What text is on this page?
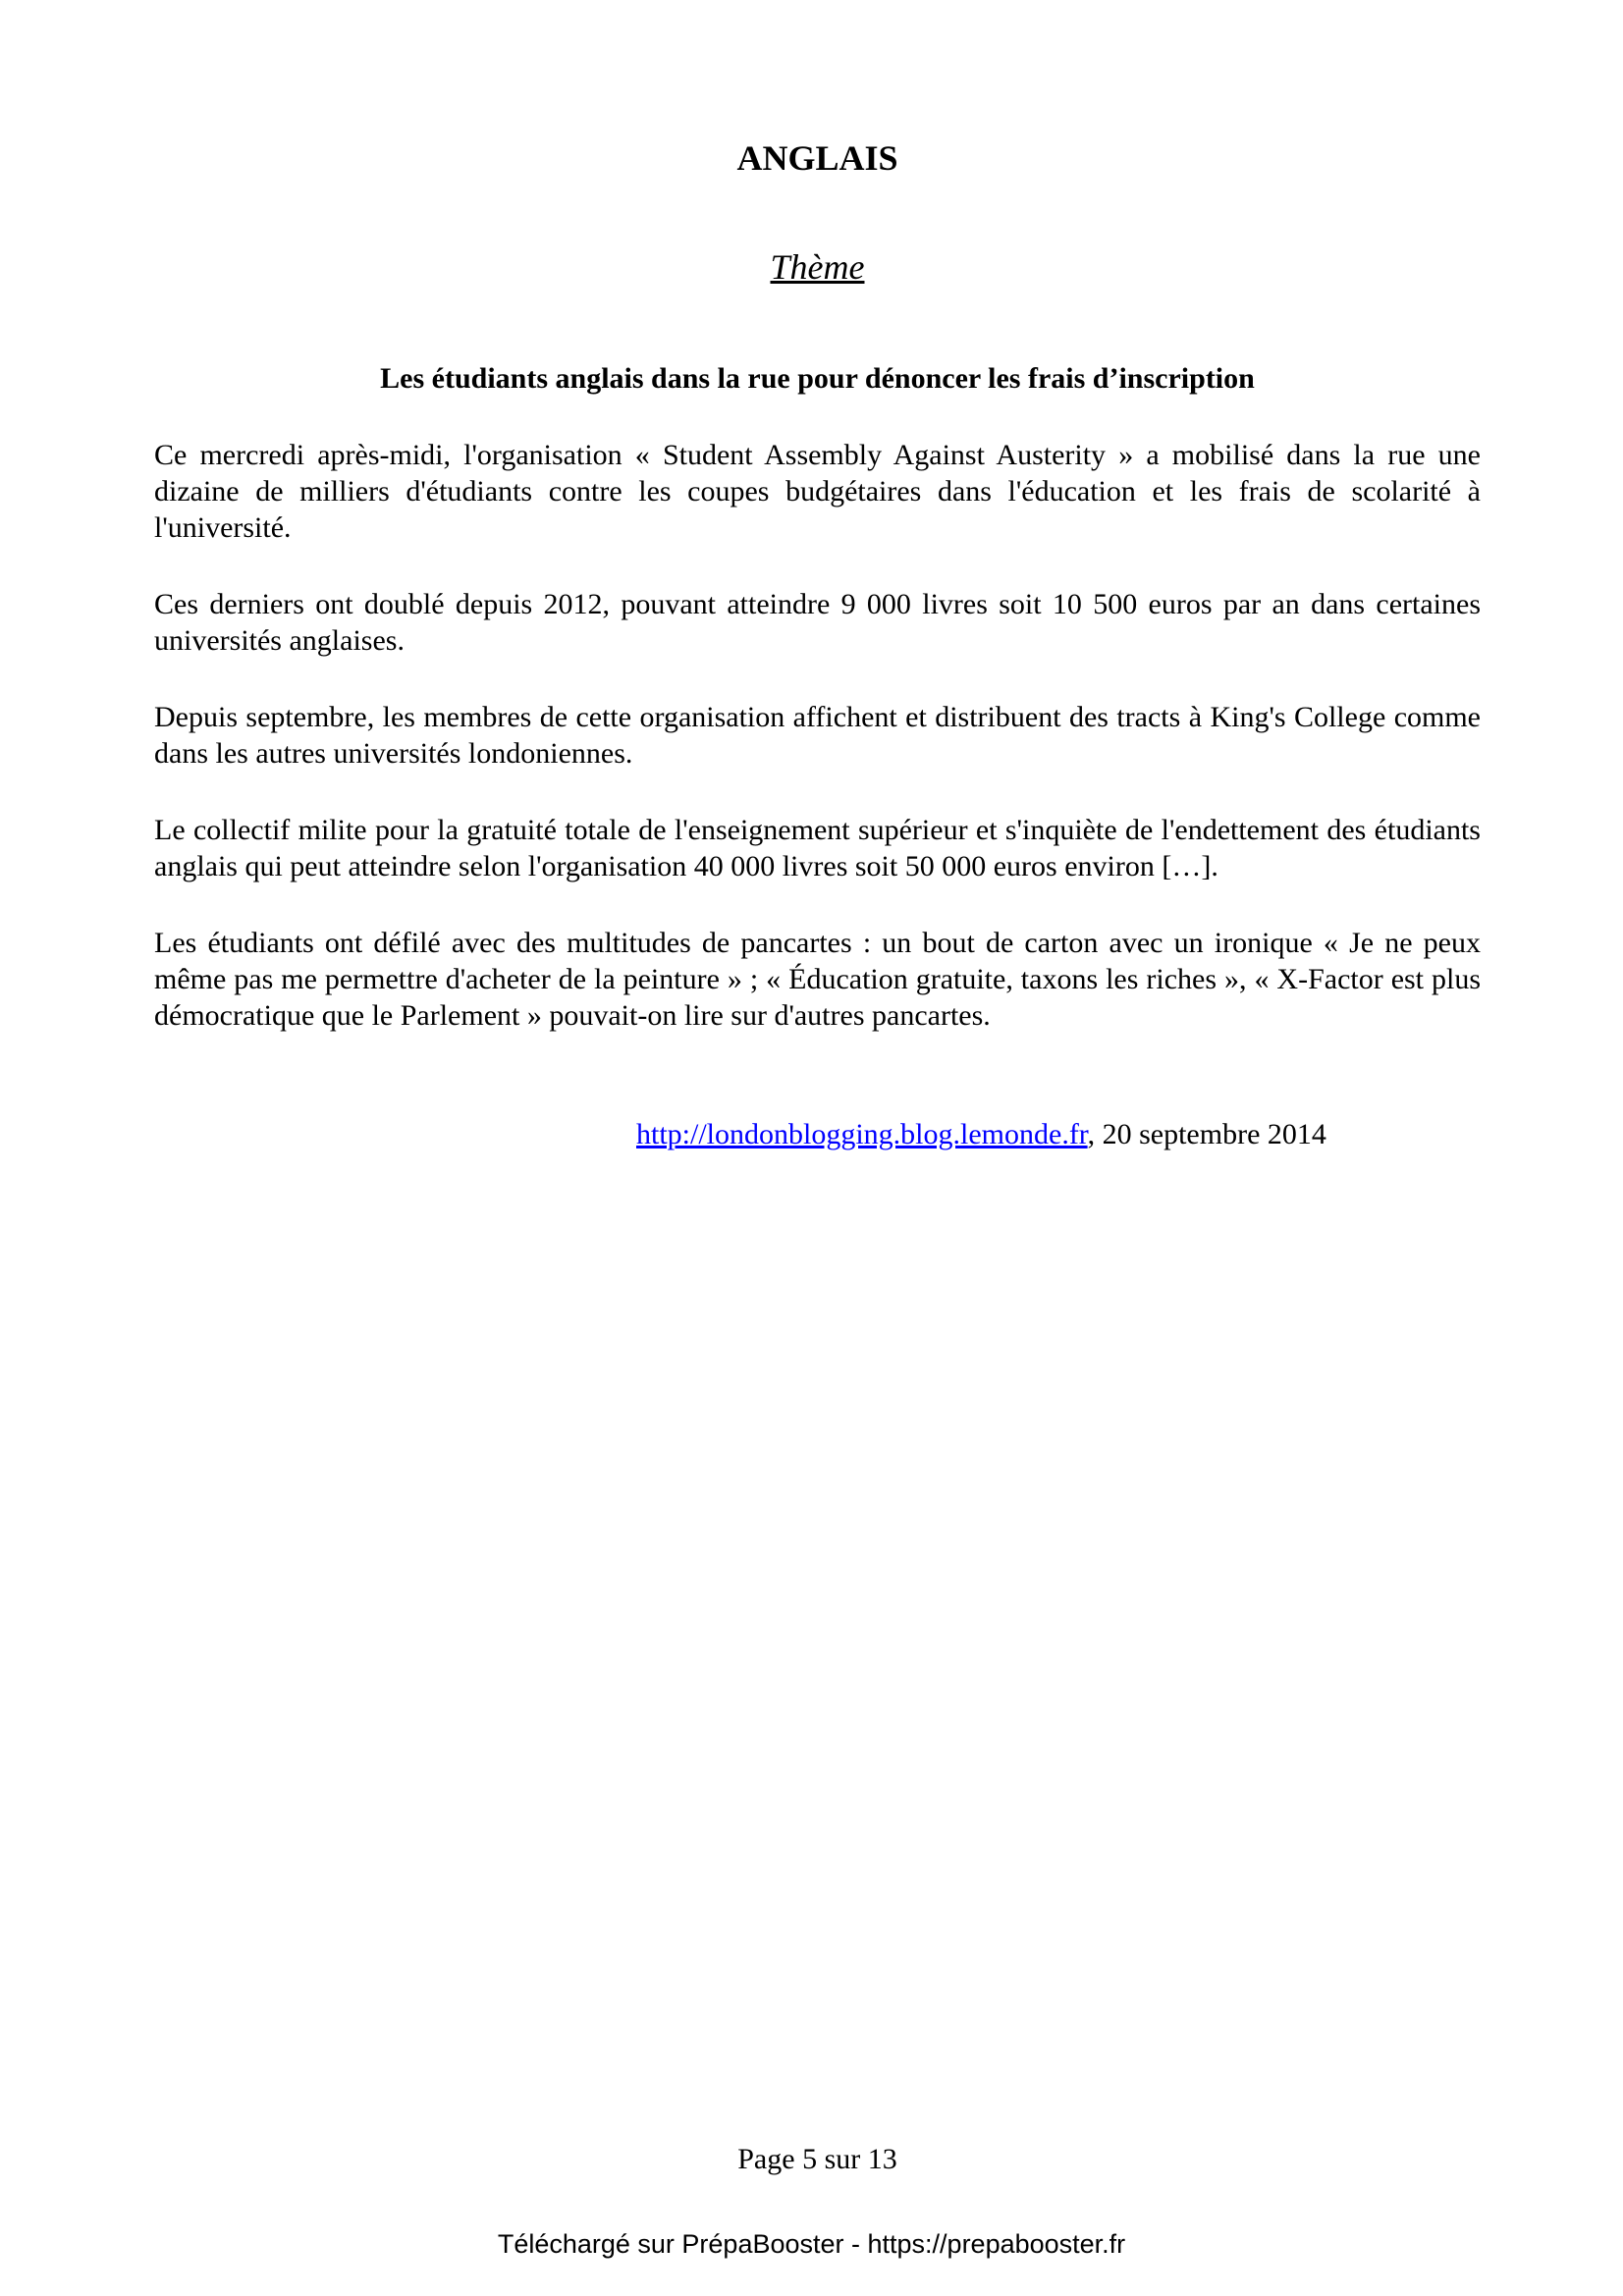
ANGLAIS
Thème
Les étudiants anglais dans la rue pour dénoncer les frais d’inscription

Ce mercredi après-midi, l'organisation « Student Assembly Against Austerity » a mobilisé dans la rue une dizaine de milliers d'étudiants contre les coupes budgétaires dans l'éducation et les frais de scolarité à l'université.

Ces derniers ont doublé depuis 2012, pouvant atteindre 9 000 livres soit 10 500 euros par an dans certaines universités anglaises.

Depuis septembre, les membres de cette organisation affichent et distribuent des tracts à King's College comme dans les autres universités londoniennes.

Le collectif milite pour la gratuité totale de l'enseignement supérieur et s'inquiète de l'endettement des étudiants anglais qui peut atteindre selon l'organisation 40 000 livres soit 50 000 euros environ […].

Les étudiants ont défilé avec des multitudes de pancartes : un bout de carton avec un ironique « Je ne peux même pas me permettre d'acheter de la peinture » ; « Éducation gratuite, taxons les riches », « X-Factor est plus démocratique que le Parlement » pouvait-on lire sur d'autres pancartes.

http://londonblogging.blog.lemonde.fr, 20 septembre 2014

Page 5 sur 13
Téléchargé sur PrépaBooster - https://prepabooster.fr
